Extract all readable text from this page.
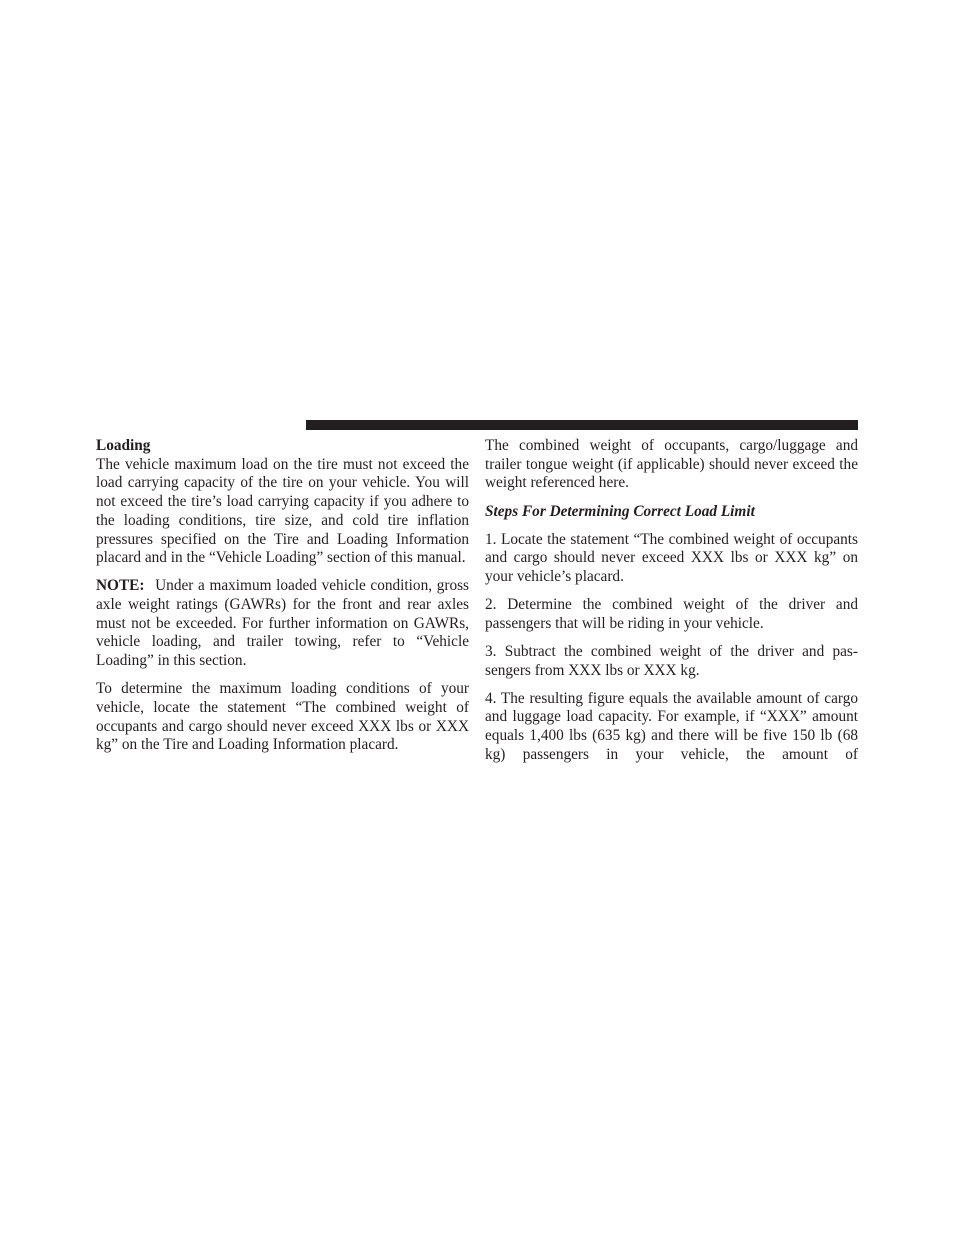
Loading
The vehicle maximum load on the tire must not exceed the load carrying capacity of the tire on your vehicle. You will not exceed the tire’s load carrying capacity if you adhere to the loading conditions, tire size, and cold tire inflation pressures specified on the Tire and Loading Information placard and in the “Vehicle Loading” section of this manual.

NOTE: Under a maximum loaded vehicle condition, gross axle weight ratings (GAWRs) for the front and rear axles must not be exceeded. For further information on GAWRs, vehicle loading, and trailer towing, refer to “Vehicle Loading” in this section.

To determine the maximum loading conditions of your vehicle, locate the statement “The combined weight of occupants and cargo should never exceed XXX lbs or XXX kg” on the Tire and Loading Information placard.

The combined weight of occupants, cargo/luggage and trailer tongue weight (if applicable) should never exceed the weight referenced here.

Steps For Determining Correct Load Limit

1. Locate the statement “The combined weight of occupants and cargo should never exceed XXX lbs or XXX kg” on your vehicle’s placard.

2. Determine the combined weight of the driver and passengers that will be riding in your vehicle.

3. Subtract the combined weight of the driver and passengers from XXX lbs or XXX kg.

4. The resulting figure equals the available amount of cargo and luggage load capacity. For example, if “XXX” amount equals 1,400 lbs (635 kg) and there will be five 150 lb (68 kg) passengers in your vehicle, the amount of
